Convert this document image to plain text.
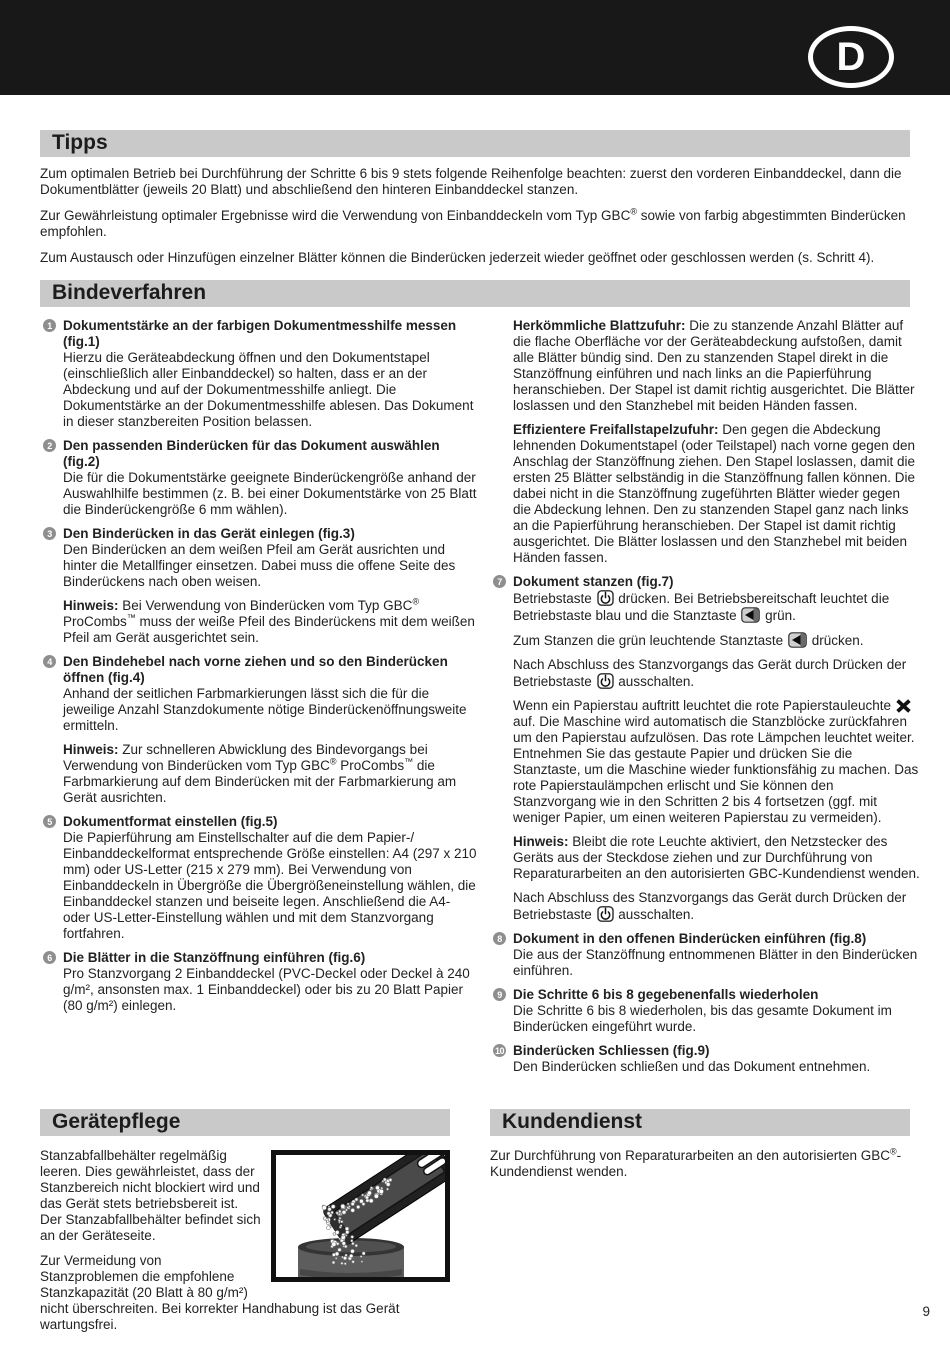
D
Tipps

Zum optimalen Betrieb bei Durchführung der Schritte 6 bis 9 stets folgende Reihenfolge beachten: zuerst den vorderen Einbanddeckel, dann die Dokumentblätter (jeweils 20 Blatt) und abschließend den hinteren Einbanddeckel stanzen.

Zur Gewährleistung optimaler Ergebnisse wird die Verwendung von Einbanddeckeln vom Typ GBC® sowie von farbig abgestimmten Binderücken empfohlen.

Zum Austausch oder Hinzufügen einzelner Blätter können die Binderücken jederzeit wieder geöffnet oder geschlossen werden (s. Schritt 4).

Bindeverfahren
1 Dokumentstärke an der farbigen Dokumentmesshilfe messen (fig.1)

Hierzu die Geräteabdeckung öffnen und den Dokumentstapel (einschließlich aller Einbanddeckel) so halten, dass er an der Abdeckung und auf der Dokumentmesshilfe anliegt. Die Dokumentstärke an der Dokumentmesshilfe ablesen. Das Dokument in dieser stanzbereiten Position belassen.

2 Den passenden Binderücken für das Dokument auswählen (fig.2)

Die für die Dokumentstärke geeignete Binderückengröße anhand der Auswahlhilfe bestimmen (z. B. bei einer Dokumentstärke von 25 Blatt die Binderückengröße 6 mm wählen).

3 Den Binderücken in das Gerät einlegen (fig.3)

Den Binderücken an dem weißen Pfeil am Gerät ausrichten und hinter die Metallfinger einsetzen. Dabei muss die offene Seite des Binderückens nach oben weisen.

Hinweis: Bei Verwendung von Binderücken vom Typ GBC® ProCombs™ muss der weiße Pfeil des Binderückens mit dem weißen Pfeil am Gerät ausgerichtet sein.

4 Den Bindehebel nach vorne ziehen und so den Binderücken öffnen (fig.4)

Anhand der seitlichen Farbmarkierungen lässt sich die für die jeweilige Anzahl Stanzdokumente nötige Binderückenöffnungsweite ermitteln.

Hinweis: Zur schnelleren Abwicklung des Bindevorgangs bei Verwendung von Binderücken vom Typ GBC® ProCombs™ die Farbmarkierung auf dem Binderücken mit der Farbmarkierung am Gerät ausrichten.

5 Dokumentformat einstellen (fig.5)

Die Papierführung am Einstellschalter auf die dem Papier-/ Einbanddeckelformat entsprechende Größe einstellen: A4 (297 x 210 mm) oder US-Letter (215 x 279 mm). Bei Verwendung von Einbanddeckeln in Übergröße die Übergrößeneinstellung wählen, die Einbanddeckel stanzen und beiseite legen. Anschließend die A4- oder US-Letter-Einstellung wählen und mit dem Stanzvorgang fortfahren.

6 Die Blätter in die Stanzöffnung einführen (fig.6)

Pro Stanzvorgang 2 Einbanddeckel (PVC-Deckel oder Deckel à 240 g/m², ansonsten max. 1 Einbanddeckel) oder bis zu 20 Blatt Papier (80 g/m²) einlegen.

Herkömmliche Blattzufuhr: Die zu stanzende Anzahl Blätter auf die flache Oberfläche vor der Geräteabdeckung aufstoßen, damit alle Blätter bündig sind. Den zu stanzenden Stapel direkt in die Stanzöffnung einführen und nach links an die Papierführung heranschieben. Der Stapel ist damit richtig ausgerichtet. Die Blätter loslassen und den Stanzhebel mit beiden Händen fassen.

Effizientere Freifallstapelzufuhr: Den gegen die Abdeckung lehnenden Dokumentstapel (oder Teilstapel) nach vorne gegen den Anschlag der Stanzöffnung ziehen. Den Stapel loslassen, damit die ersten 25 Blätter selbständig in die Stanzöffnung fallen können. Die dabei nicht in die Stanzöffnung zugeführten Blätter wieder gegen die Abdeckung lehnen. Den zu stanzenden Stapel ganz nach links an die Papierführung heranschieben. Der Stapel ist damit richtig ausgerichtet. Die Blätter loslassen und den Stanzhebel mit beiden Händen fassen.

7 Dokument stanzen (fig.7)

Betriebstaste  drücken. Bei Betriebsbereitschaft leuchtet die Betriebstaste blau und die Stanztaste  grün.

Zum Stanzen die grün leuchtende Stanztaste  drücken.

Nach Abschluss des Stanzvorgangs das Gerät durch Drücken der Betriebstaste  ausschalten.

Wenn ein Papierstau auftritt leuchtet die rote Papierstauleuchte  auf. Die Maschine wird automatisch die Stanzblöcke zurückfahren um den Papierstau aufzulösen. Das rote Lämpchen leuchtet weiter. Entnehmen Sie das gestaute Papier und drücken Sie die Stanztaste, um die Maschine wieder funktionsfähig zu machen. Das rote Papierstaulämpchen erlischt und Sie können den Stanzvorgang wie in den Schritten 2 bis 4 fortsetzen (ggf. mit weniger Papier, um einen weiteren Papierstau zu vermeiden).

Hinweis: Bleibt die rote Leuchte aktiviert, den Netzstecker des Geräts aus der Steckdose ziehen und zur Durchführung von Reparaturarbeiten an den autorisierten GBC-Kundendienst wenden.

Nach Abschluss des Stanzvorgangs das Gerät durch Drücken der Betriebstaste  ausschalten.

8 Dokument in den offenen Binderücken einführen (fig.8)

Die aus der Stanzöffnung entnommenen Blätter in den Binderücken einführen.

9 Die Schritte 6 bis 8 gegebenenfalls wiederholen

Die Schritte 6 bis 8 wiederholen, bis das gesamte Dokument im Binderücken eingeführt wurde.

10 Binderücken Schliessen (fig.9)

Den Binderücken schließen und das Dokument entnehmen.

Gerätepflege

Stanzabfallbehälter regelmäßig leeren. Dies gewährleistet, dass der Stanzbereich nicht blockiert wird und das Gerät stets betriebsbereit ist. Der Stanzabfallbehälter befindet sich an der Geräteseite.

Zur Vermeidung von Stanzproblemen die empfohlene Stanzkapazität (20 Blatt à 80 g/m²) nicht überschreiten. Bei korrekter Handhabung ist das Gerät wartungsfrei.

Kundendienst

Zur Durchführung von Reparaturarbeiten an den autorisierten GBC®-Kundendienst wenden.

9
